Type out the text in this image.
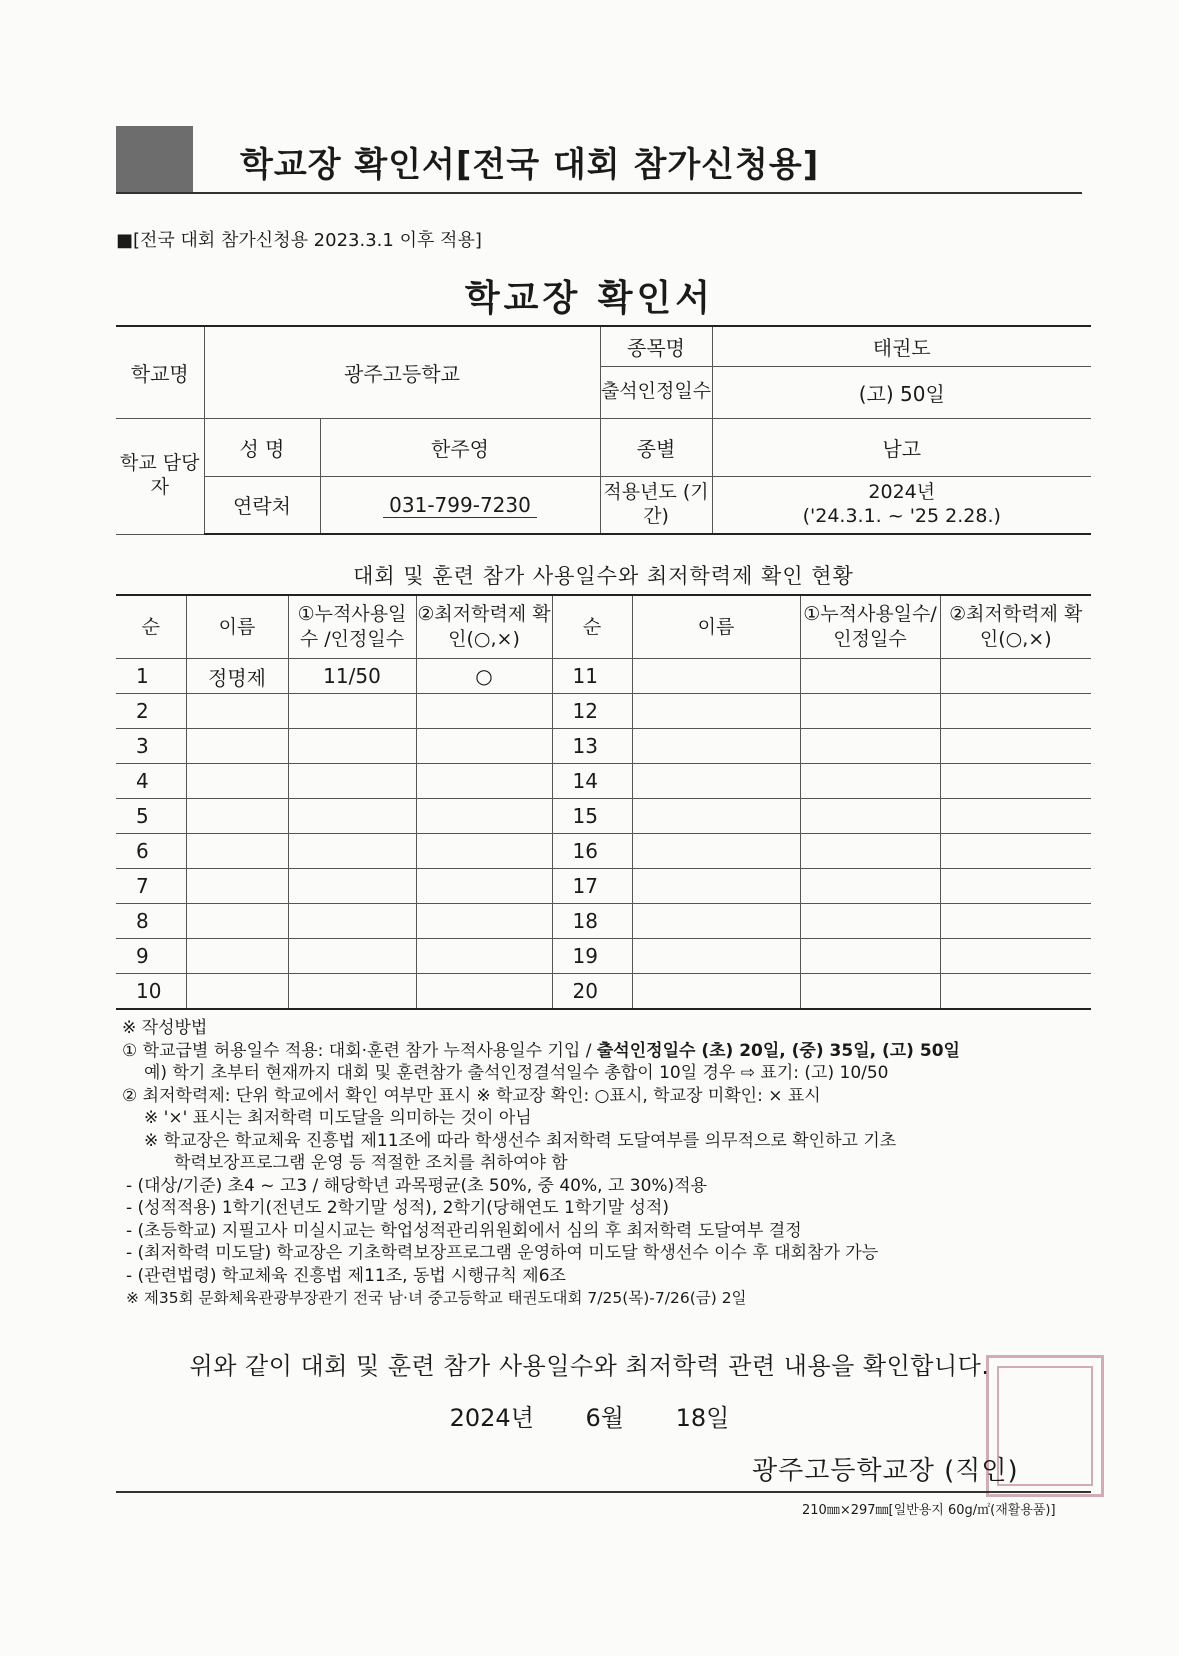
학교장 확인서[전국 대회 참가신청용]
■[전국 대회 참가신청용 2023.3.1 이후 적용]
학교장 확인서
학교명	광주고등학교		종목명	태권도
			출석인정일수	(고) 50일
학교 담당자	성 명	한주영	종별	남고
	연락처	031-799-7230	적용년도 (기간)	2024년
('24.3.1. ~ '25 2.28.)
대회 및 훈련 참가 사용일수와 최저학력제 확인 현황
순	이름	①누적사용일수 /인정일수	②최저학력제 확인(○,×)	순	이름	①누적사용일수/ 인정일수	②최저학력제 확인(○,×)
1	정명제	11/50	○	11			
2				12			
3				13			
4				14			
5				15			
6				16			
7				17			
8				18			
9				19			
10				20			
※ 작성방법
① 학교급별 허용일수 적용: 대회·훈련 참가 누적사용일수 기입 / 출석인정일수 (초) 20일, (중) 35일, (고) 50일
예) 학기 초부터 현재까지 대회 및 훈련참가 출석인정결석일수 총합이 10일 경우 ⇨ 표기: (고) 10/50
② 최저학력제: 단위 학교에서 확인 여부만 표시 ※ 학교장 확인: ○표시, 학교장 미확인: × 표시
※ '×' 표시는 최저학력 미도달을 의미하는 것이 아님
※ 학교장은 학교체육 진흥법 제11조에 따라 학생선수 최저학력 도달여부를 의무적으로 확인하고 기초
학력보장프로그램 운영 등 적절한 조치를 취하여야 함
- (대상/기준) 초4 ~ 고3 / 해당학년 과목평균(초 50%, 중 40%, 고 30%)적용
- (성적적용) 1학기(전년도 2학기말 성적), 2학기(당해연도 1학기말 성적)
- (초등학교) 지필고사 미실시교는 학업성적관리위원회에서 심의 후 최저학력 도달여부 결정
- (최저학력 미도달) 학교장은 기초학력보장프로그램 운영하여 미도달 학생선수 이수 후 대회참가 가능
- (관련법령) 학교체육 진흥법 제11조, 동법 시행규칙 제6조
※ 제35회 문화체육관광부장관기 전국 남·녀 중고등학교 태권도대회 7/25(목)-7/26(금) 2일
위와 같이 대회 및 훈련 참가 사용일수와 최저학력 관련 내용을 확인합니다.
2024년 6월 18일
광주고등학교장 (직인)
210㎜×297㎜[일반용지 60g/㎡(재활용품)]
